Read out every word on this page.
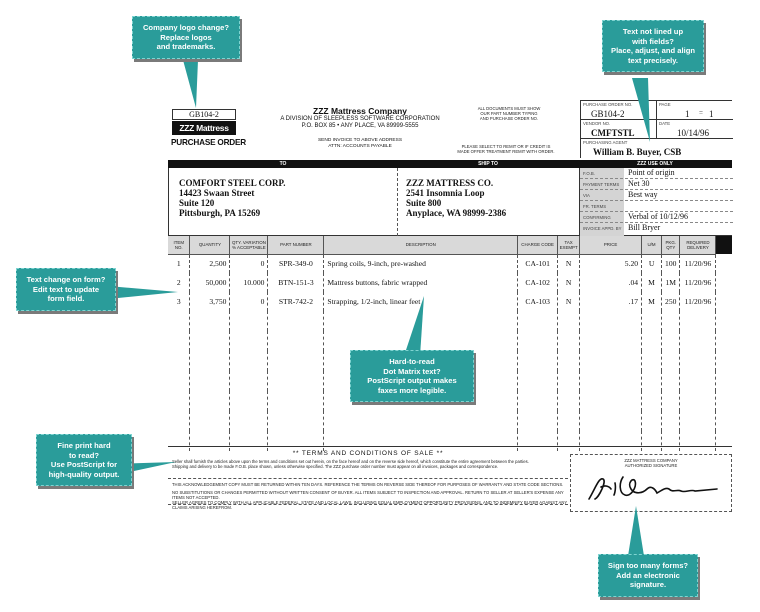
GB104-2
ZZZ Mattress
PURCHASE ORDER
ZZZ Mattress Company
A DIVISION OF SLEEPLESS SOFTWARE CORPORATION
P.O. BOX 85 • ANY PLACE, VA 89999-5555
SEND INVOICE TO ABOVE ADDRESS
ATTN: ACCOUNTS PAYABLE
ALL DOCUMENTS MUST SHOW
OUR PART NUMBER TYPING
AND PURCHASE ORDER NO.
PLEASE SELECT TO REMIT OR IF CREDIT IS
MADE OFFER TREATMENT REMIT WITH ORDER.
PURCHASE ORDER NO.
GB104-2
PAGE
1 = 1
VENDOR NO.
CMFTSTL
DATE
10/14/96
PURCHASING AGENT
William B. Buyer, CSB
TO	SHIP TO	ZZZ USE ONLY
COMFORT STEEL CORP.
14423 Swaan Street
Suite 120
Pittsburgh, PA 15269
ZZZ MATTRESS CO.
2541 Insomnia Loop
Suite 800
Anyplace, WA 98999-2386
F.O.B.	Point of origin
PAYMENT TERMS Net 30
VIA	Best way
FR. TERMS
CONFIRMING Verbal of 10/12/96
INVOICE APPD. BY Bill Bryer
ITEM NO.	QUANTITY	QTY. VARIATION % ACCEPTABLE	PART NUMBER	DESCRIPTION	CHARGE CODE	TAX EXEMPT	PRICE	U/M	PKG. QTY	REQUIRED DELIVERY	
1	2,500	0	SPR-349-0	Spring coils, 9-inch, pre-washed	CA-101	N	5.20	U	100	11/20/96	
2	50,000	10.000	BTN-151-3	Mattress buttons, fabric wrapped	CA-102	N	.04	M	1M	11/20/96	
3	3,750	0	STR-742-2	Strapping, 1/2-inch, linear feet	CA-103	N	.17	M	250	11/20/96	

** TERMS AND CONDITIONS OF SALE **
Seller shall furnish the articles above upon the terms and conditions set out herein, on the face hereof and on the reverse side hereof, which constitute the entire agreement between the parties.
Shipping and delivery to be made F.O.B. place shown, unless otherwise specified. The ZZZ purchase order number must appear on all invoices, packages and correspondence.
THIS ACKNOWLEDGEMENT COPY MUST BE RETURNED WITHIN TEN DAYS. REFERENCE THE TERMS ON REVERSE SIDE THEREOF FOR PURPOSES OF WARRANTY AND STATE CODE SECTIONS.
NO SUBSTITUTIONS OR CHANGES PERMITTED WITHOUT WRITTEN CONSENT OF BUYER. ALL ITEMS SUBJECT TO INSPECTION AND APPROVAL. RETURN TO SELLER AT SELLER'S EXPENSE ANY ITEMS NOT ACCEPTED.
SELLER AGREES TO COMPLY WITH ALL APPLICABLE FEDERAL, STATE AND LOCAL LAWS, INCLUDING EQUAL EMPLOYMENT OPPORTUNITY PROVISIONS, AND TO INDEMNIFY BUYER AGAINST ANY CLAIMS ARISING HEREFROM.
ZZZ MATTRESS COMPANY
AUTHORIZED SIGNATURE
Company logo change?
Replace logos
and trademarks.
Text not lined up
with fields?
Place, adjust, and align
text precisely.
Text change on form?
Edit text to update
form field.
Hard-to-read
Dot Matrix text?
PostScript output makes
faxes more legible.
Fine print hard
to read?
Use PostScript for
high-quality output.
Sign too many forms?
Add an electronic
signature.
